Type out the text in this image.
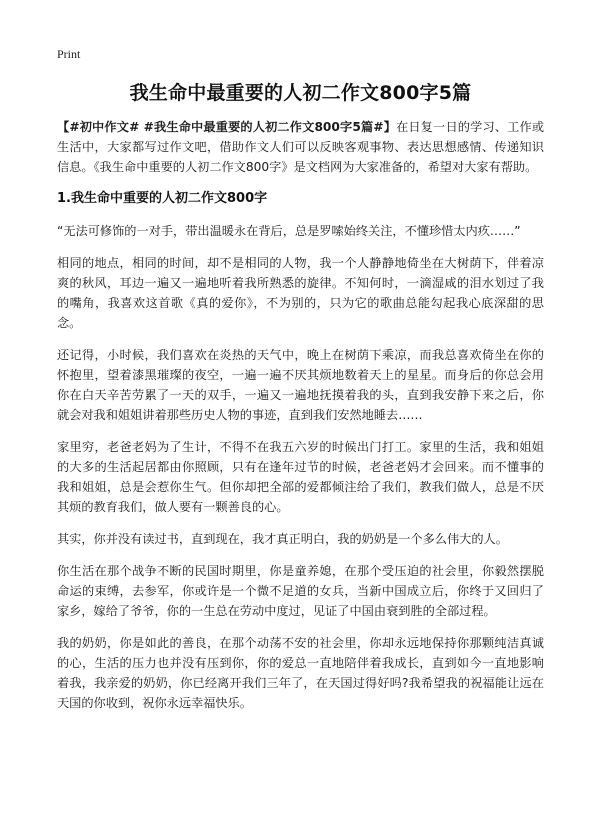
Print

我生命中最重要的人初二作文800字5篇

【#初中作文# #我生命中最重要的人初二作文800字5篇#】在日复一日的学习、工作或生活中，大家都写过作文吧，借助作文人们可以反映客观事物、表达思想感情、传递知识信息。《我生命中重要的人初二作文800字》是文档网为大家准备的，希望对大家有帮助。

1.我生命中重要的人初二作文800字

“无法可修饰的一对手，带出温暖永在背后，总是罗嗦始终关注，不懂珍惜太内疚……”

相同的地点，相同的时间，却不是相同的人物，我一个人静静地倚坐在大树荫下，伴着凉爽的秋风，耳边一遍又一遍地听着我所熟悉的旋律。不知何时，一滴湿咸的泪水划过了我的嘴角，我喜欢这首歌《真的爱你》，不为别的，只为它的歌曲总能勾起我心底深甜的思念。

还记得，小时候，我们喜欢在炎热的天气中，晚上在树荫下乘凉，而我总喜欢倚坐在你的怀抱里，望着漆黑璀璨的夜空，一遍一遍不厌其烦地数着天上的星星。而身后的你总会用你在白天辛苦劳累了一天的双手，一遍又一遍地抚摸着我的头，直到我安静下来之后，你就会对我和姐姐讲着那些历史人物的事迹，直到我们安然地睡去……

家里穷，老爸老妈为了生计，不得不在我五六岁的时候出门打工。家里的生活，我和姐姐的大多的生活起居都由你照顾，只有在逢年过节的时候，老爸老妈才会回来。而不懂事的我和姐姐，总是会惹你生气。但你却把全部的爱都倾注给了我们，教我们做人，总是不厌其烦的教育我们，做人要有一颗善良的心。

其实，你并没有读过书，直到现在，我才真正明白，我的奶奶是一个多么伟大的人。

你生活在那个战争不断的民国时期里，你是童养媳，在那个受压迫的社会里，你毅然摆脱命运的束缚，去参军，你或许是一个微不足道的女兵，当新中国成立后，你终于又回归了家乡，嫁给了爷爷，你的一生总在劳动中度过，见证了中国由衰到胜的全部过程。

我的奶奶，你是如此的善良，在那个动荡不安的社会里，你却永远地保持你那颗纯洁真诚的心，生活的压力也并没有压到你，你的爱总一直地陪伴着我成长，直到如今一直地影响着我，我亲爱的奶奶，你已经离开我们三年了，在天国过得好吗?我希望我的祝福能让远在天国的你收到，祝你永远幸福快乐。
